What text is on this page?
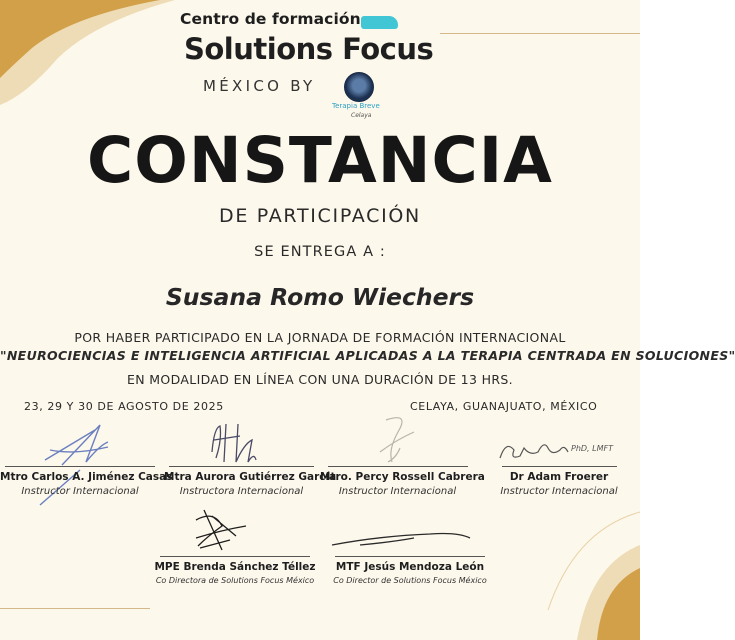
Centro de formación
Solutions Focus
MÉXICO BY
Terapia Breve
Celaya
CONSTANCIA
DE PARTICIPACIÓN
SE ENTREGA A :
Susana Romo Wiechers
POR HABER PARTICIPADO EN LA JORNADA DE FORMACIÓN INTERNACIONAL
"NEUROCIENCIAS E INTELIGENCIA ARTIFICIAL APLICADAS A LA TERAPIA CENTRADA EN SOLUCIONES"
EN MODALIDAD EN LÍNEA CON UNA DURACIÓN DE 13 HRS.
23, 29 Y 30 DE AGOSTO DE 2025	CELAYA, GUANAJUATO, MÉXICO
PhD, LMFT
Mtro Carlos A. Jiménez Casas
Instructor Internacional
Mtra Aurora Gutiérrez García
Instructora Internacional
Mtro. Percy Rossell Cabrera
Instructor Internacional
Dr Adam Froerer
Instructor Internacional
MPE Brenda Sánchez Téllez
Co Directora de Solutions Focus México
MTF Jesús Mendoza León
Co Director de Solutions Focus México
